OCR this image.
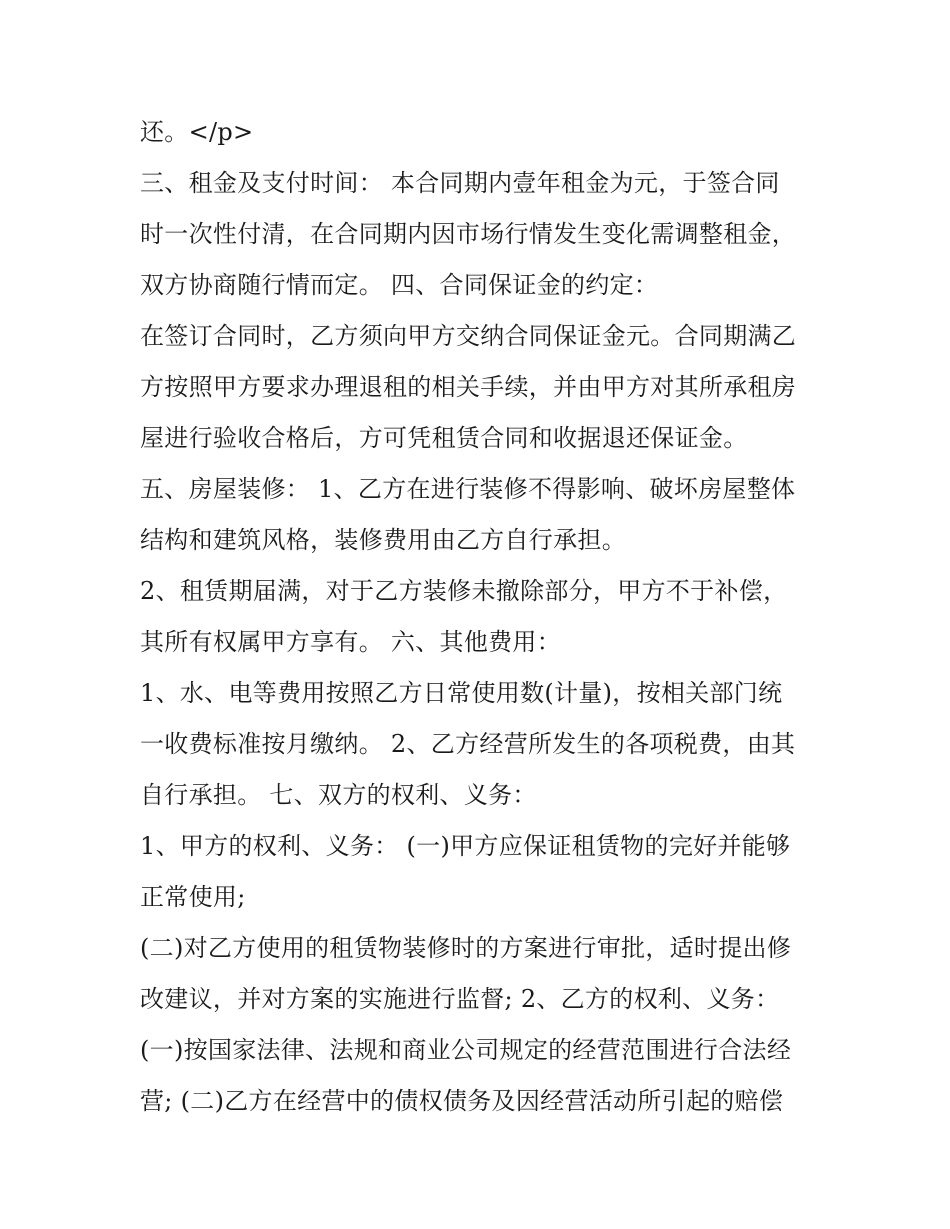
还。</p>
三、租金及支付时间： 本合同期内壹年租金为元，于签合同
时一次性付清，在合同期内因市场行情发生变化需调整租金，
双方协商随行情而定。 四、合同保证金的约定：
在签订合同时，乙方须向甲方交纳合同保证金元。合同期满乙
方按照甲方要求办理退租的相关手续，并由甲方对其所承租房
屋进行验收合格后，方可凭租赁合同和收据退还保证金。
五、房屋装修： 1、乙方在进行装修不得影响、破坏房屋整体
结构和建筑风格，装修费用由乙方自行承担。
2、租赁期届满，对于乙方装修未撤除部分，甲方不于补偿，
其所有权属甲方享有。 六、其他费用：
1、水、电等费用按照乙方日常使用数(计量)，按相关部门统
一收费标准按月缴纳。 2、乙方经营所发生的各项税费，由其
自行承担。 七、双方的权利、义务：
1、甲方的权利、义务： (一)甲方应保证租赁物的完好并能够
正常使用;
(二)对乙方使用的租赁物装修时的方案进行审批，适时提出修
改建议，并对方案的实施进行监督; 2、乙方的权利、义务：
(一)按国家法律、法规和商业公司规定的经营范围进行合法经
营; (二)乙方在经营中的债权债务及因经营活动所引起的赔偿
